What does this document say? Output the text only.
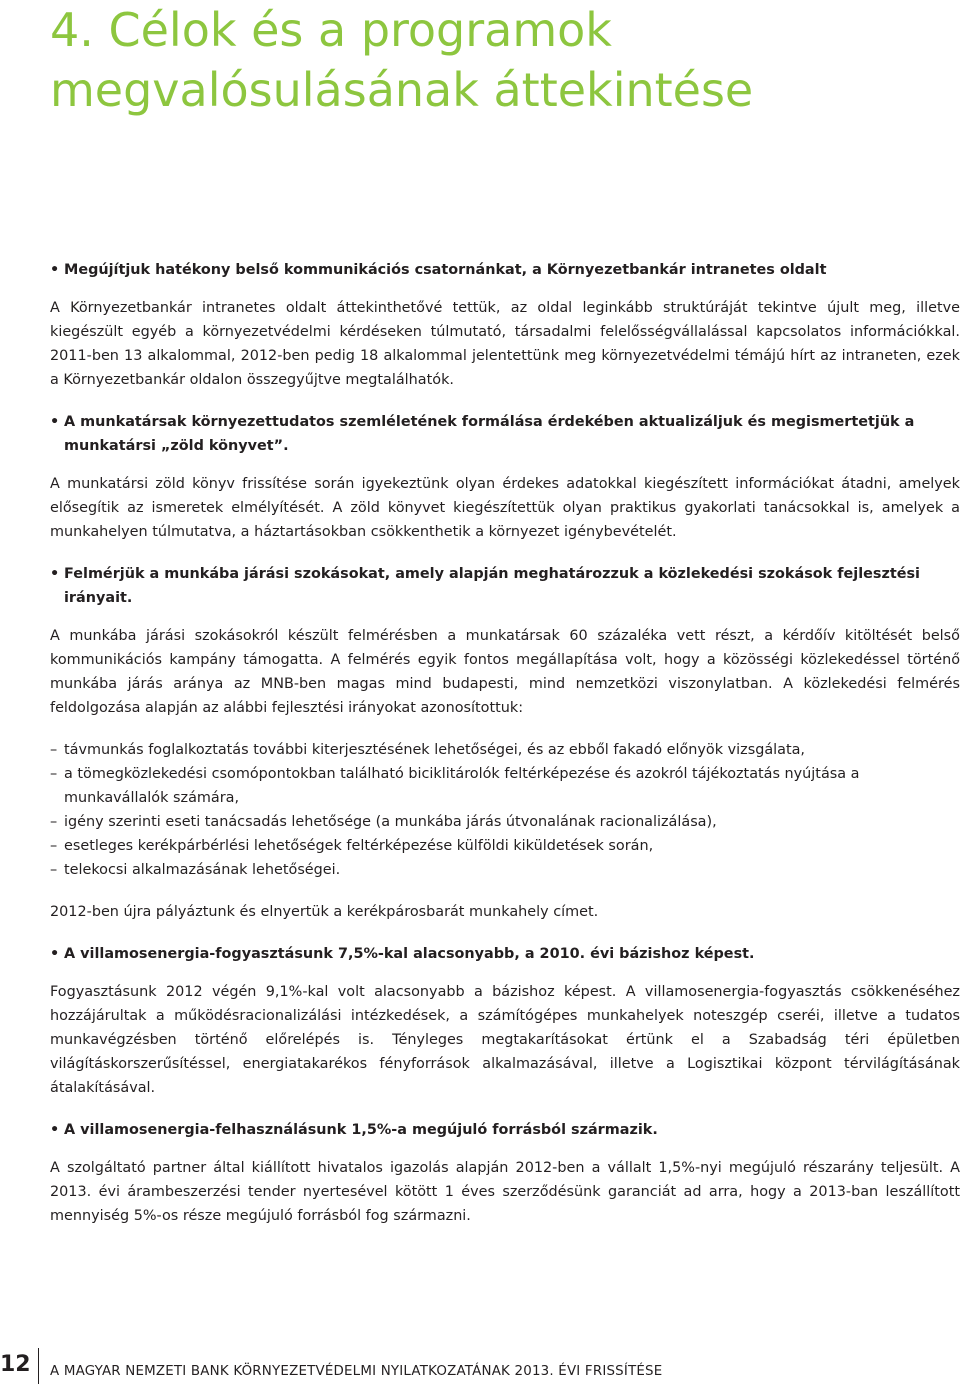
4. Célok és a programok
megvalósulásának áttekintése
• Megújítjuk hatékony belső kommunikációs csatornánkat, a Környezetbankár intranetes oldalt

A Környezetbankár intranetes oldalt áttekinthetővé tettük, az oldal leginkább struktúráját tekintve újult meg, illetve kiegészült egyéb a környezetvédelmi kérdéseken túlmutató, társadalmi felelősségvállalással kapcsolatos információkkal. 2011-ben 13 alkalommal, 2012-ben pedig 18 alkalommal jelentettünk meg környezetvédelmi témájú hírt az intraneten, ezek a Környezetbankár oldalon összegyűjtve megtalálhatók.

• A munkatársak környezettudatos szemléletének formálása érdekében aktualizáljuk és megismertetjük a munkatársi „zöld könyvet”.

A munkatársi zöld könyv frissítése során igyekeztünk olyan érdekes adatokkal kiegészített információkat átadni, amelyek elősegítik az ismeretek elmélyítését. A zöld könyvet kiegészítettük olyan praktikus gyakorlati tanácsokkal is, amelyek a munkahelyen túlmutatva, a háztartásokban csökkenthetik a környezet igénybevételét.

• Felmérjük a munkába járási szokásokat, amely alapján meghatározzuk a közlekedési szokások fejlesztési irányait.

A munkába járási szokásokról készült felmérésben a munkatársak 60 százaléka vett részt, a kérdőív kitöltését belső kommunikációs kampány támogatta. A felmérés egyik fontos megállapítása volt, hogy a közösségi közlekedéssel történő munkába járás aránya az MNB-ben magas mind budapesti, mind nemzetközi viszonylatban. A közlekedési felmérés feldolgozása alapján az alábbi fejlesztési irányokat azonosítottuk:

– távmunkás foglalkoztatás további kiterjesztésének lehetőségei, és az ebből fakadó előnyök vizsgálata,
– a tömegközlekedési csomópontokban található biciklitárolók feltérképezése és azokról tájékoztatás nyújtása a munkavállalók számára,
– igény szerinti eseti tanácsadás lehetősége (a munkába járás útvonalának racionalizálása),
– esetleges kerékpárbérlési lehetőségek feltérképezése külföldi kiküldetések során,
– telekocsi alkalmazásának lehetőségei.

2012-ben újra pályáztunk és elnyertük a kerékpárosbarát munkahely címet.

• A villamosenergia-fogyasztásunk 7,5%-kal alacsonyabb, a 2010. évi bázishoz képest.

Fogyasztásunk 2012 végén 9,1%-kal volt alacsonyabb a bázishoz képest. A villamosenergia-fogyasztás csökkenéséhez hozzájárultak a működésracionalizálási intézkedések, a számítógépes munkahelyek noteszgép cseréi, illetve a tudatos munkavégzésben történő előrelépés is. Tényleges megtakarításokat értünk el a Szabadság téri épületben világításkorszerűsítéssel, energiatakarékos fényforrások alkalmazásával, illetve a Logisztikai központ térvilágításának átalakításával.

• A villamosenergia-felhasználásunk 1,5%-a megújuló forrásból származik.

A szolgáltató partner által kiállított hivatalos igazolás alapján 2012-ben a vállalt 1,5%-nyi megújuló részarány teljesült. A 2013. évi árambeszerzési tender nyertesével kötött 1 éves szerződésünk garanciát ad arra, hogy a 2013-ban leszállított mennyiség 5%-os része megújuló forrásból fog származni.

12	A MAGYAR NEMZETI BANK KÖRNYEZETVÉDELMI NYILATKOZATÁNAK 2013. ÉVI FRISSÍTÉSE
